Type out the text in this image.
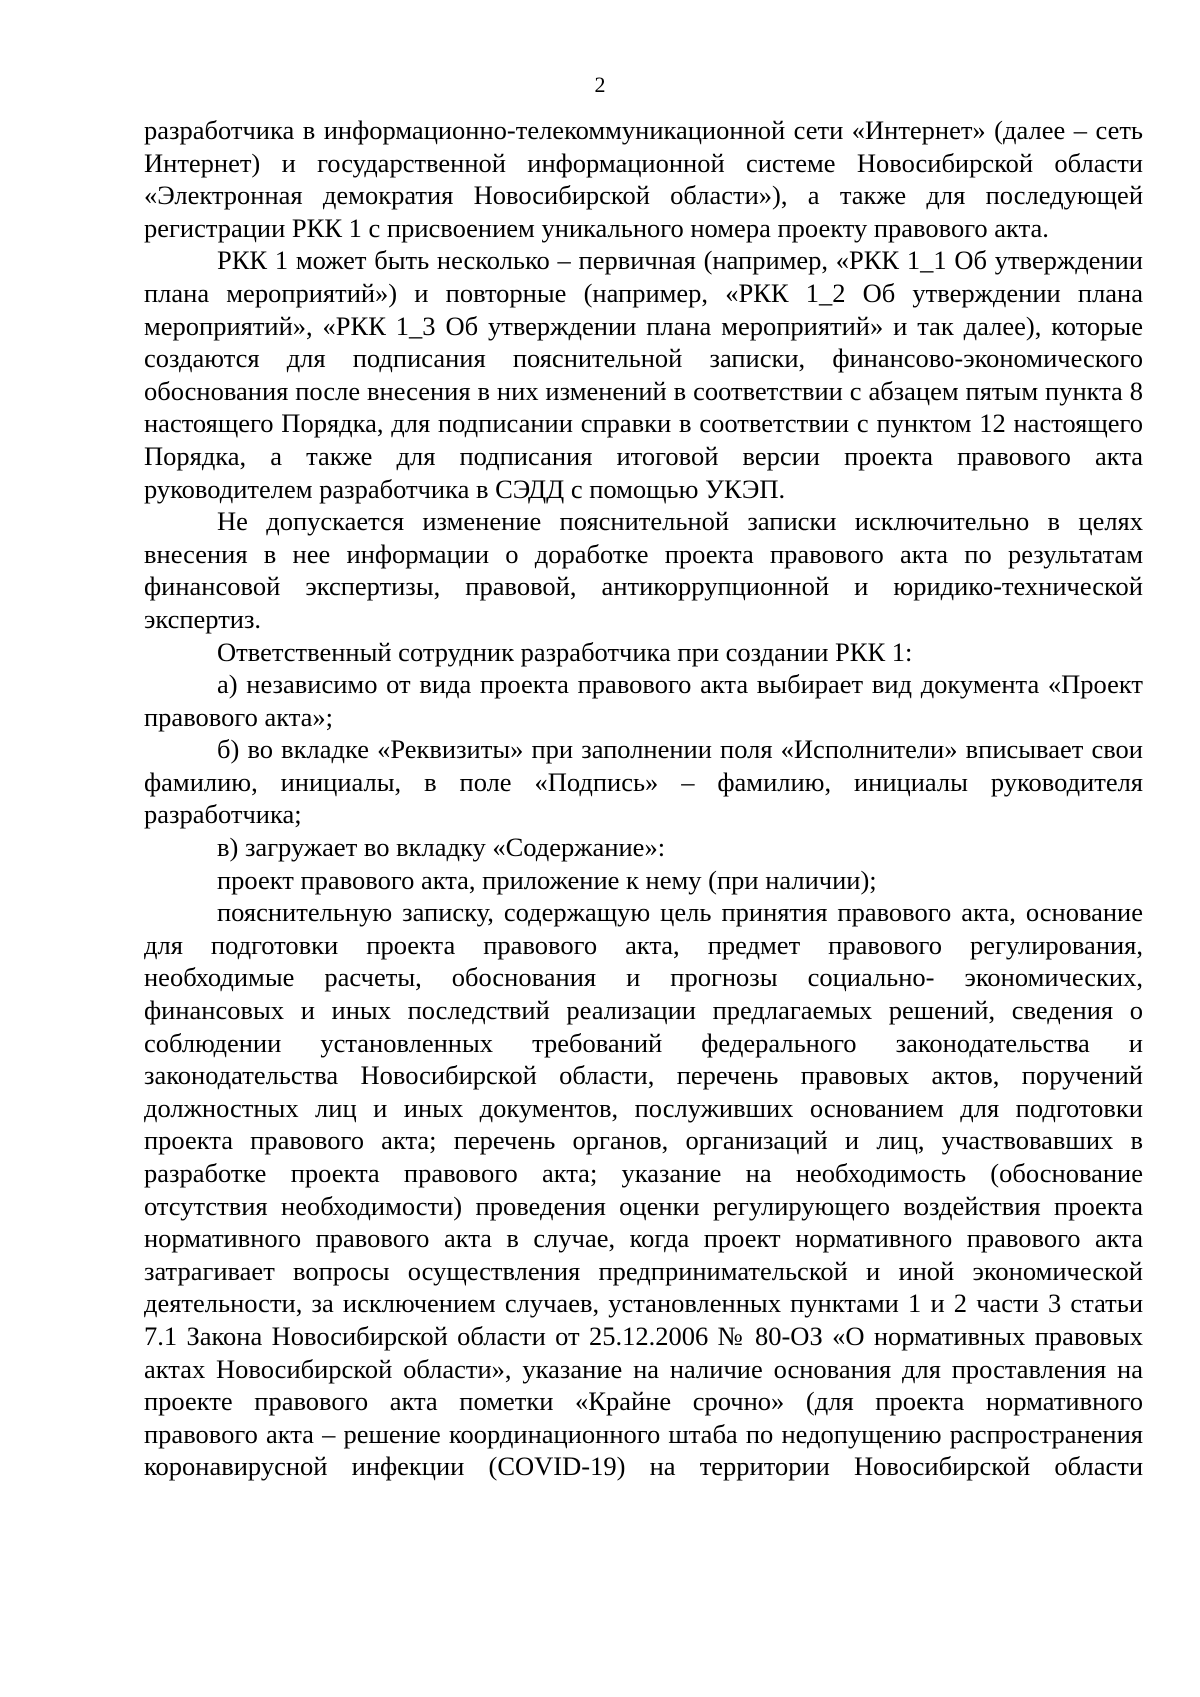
2

разработчика в информационно-телекоммуникационной сети «Интернет» (далее – сеть Интернет) и государственной информационной системе Новосибирской области «Электронная демократия Новосибирской области»), а также для последующей регистрации РКК 1 с присвоением уникального номера проекту правового акта.

РКК 1 может быть несколько – первичная (например, «РКК 1_1 Об утверждении плана мероприятий») и повторные (например, «РКК 1_2 Об утверждении плана мероприятий», «РКК 1_3 Об утверждении плана мероприятий» и так далее), которые создаются для подписания пояснительной записки, финансово-экономического обоснования после внесения в них изменений в соответствии с абзацем пятым пункта 8 настоящего Порядка, для подписании справки в соответствии с пунктом 12 настоящего Порядка, а также для подписания итоговой версии проекта правового акта руководителем разработчика в СЭДД с помощью УКЭП.

Не допускается изменение пояснительной записки исключительно в целях внесения в нее информации о доработке проекта правового акта по результатам финансовой экспертизы, правовой, антикоррупционной и юридико-технической экспертиз.

Ответственный сотрудник разработчика при создании РКК 1:

а) независимо от вида проекта правового акта выбирает вид документа «Проект правового акта»;

б) во вкладке «Реквизиты» при заполнении поля «Исполнители» вписывает свои фамилию, инициалы, в поле «Подпись» – фамилию, инициалы руководителя разработчика;

в) загружает во вкладку «Содержание»:

проект правового акта, приложение к нему (при наличии);

пояснительную записку, содержащую цель принятия правового акта, основание для подготовки проекта правового акта, предмет правового регулирования, необходимые расчеты, обоснования и прогнозы социально- экономических, финансовых и иных последствий реализации предлагаемых решений, сведения о соблюдении установленных требований федерального законодательства и законодательства Новосибирской области, перечень правовых актов, поручений должностных лиц и иных документов, послуживших основанием для подготовки проекта правового акта; перечень органов, организаций и лиц, участвовавших в разработке проекта правового акта; указание на необходимость (обоснование отсутствия необходимости) проведения оценки регулирующего воздействия проекта нормативного правового акта в случае, когда проект нормативного правового акта затрагивает вопросы осуществления предпринимательской и иной экономической деятельности, за исключением случаев, установленных пунктами 1 и 2 части 3 статьи 7.1 Закона Новосибирской области от 25.12.2006 № 80-ОЗ «О нормативных правовых актах Новосибирской области», указание на наличие основания для проставления на проекте правового акта пометки «Крайне срочно» (для проекта нормативного правового акта – решение координационного штаба по недопущению распространения коронавирусной инфекции (COVID-19) на территории Новосибирской области
